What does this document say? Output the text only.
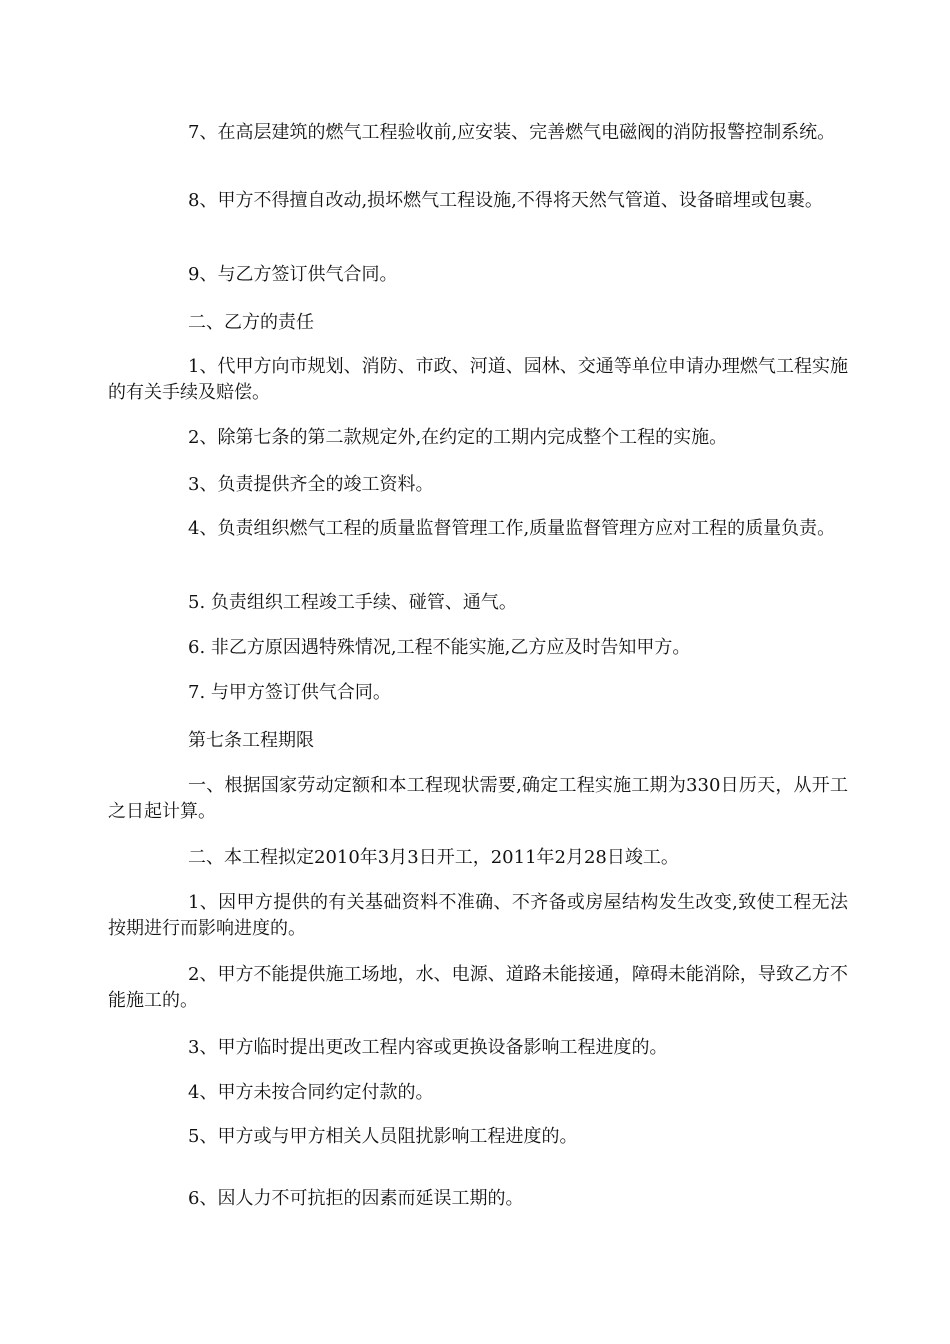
7、在高层建筑的燃气工程验收前,应安装、完善燃气电磁阀的消防报警控制系统。

8、甲方不得擅自改动,损坏燃气工程设施,不得将天然气管道、设备暗埋或包裹。

9、与乙方签订供气合同。

二、乙方的责任

1、代甲方向市规划、消防、市政、河道、园林、交通等单位申请办理燃气工程实施的有关手续及赔偿。

2、除第七条的第二款规定外,在约定的工期内完成整个工程的实施。

3、负责提供齐全的竣工资料。

4、负责组织燃气工程的质量监督管理工作,质量监督管理方应对工程的质量负责。

5. 负责组织工程竣工手续、碰管、通气。

6. 非乙方原因遇特殊情况,工程不能实施,乙方应及时告知甲方。

7. 与甲方签订供气合同。

第七条工程期限

一、根据国家劳动定额和本工程现状需要,确定工程实施工期为330日历天，从开工之日起计算。

二、本工程拟定2010年3月3日开工，2011年2月28日竣工。

1、因甲方提供的有关基础资料不准确、不齐备或房屋结构发生改变,致使工程无法按期进行而影响进度的。

2、甲方不能提供施工场地，水、电源、道路未能接通，障碍未能消除，导致乙方不能施工的。

3、甲方临时提出更改工程内容或更换设备影响工程进度的。

4、甲方未按合同约定付款的。

5、甲方或与甲方相关人员阻扰影响工程进度的。

6、因人力不可抗拒的因素而延误工期的。
